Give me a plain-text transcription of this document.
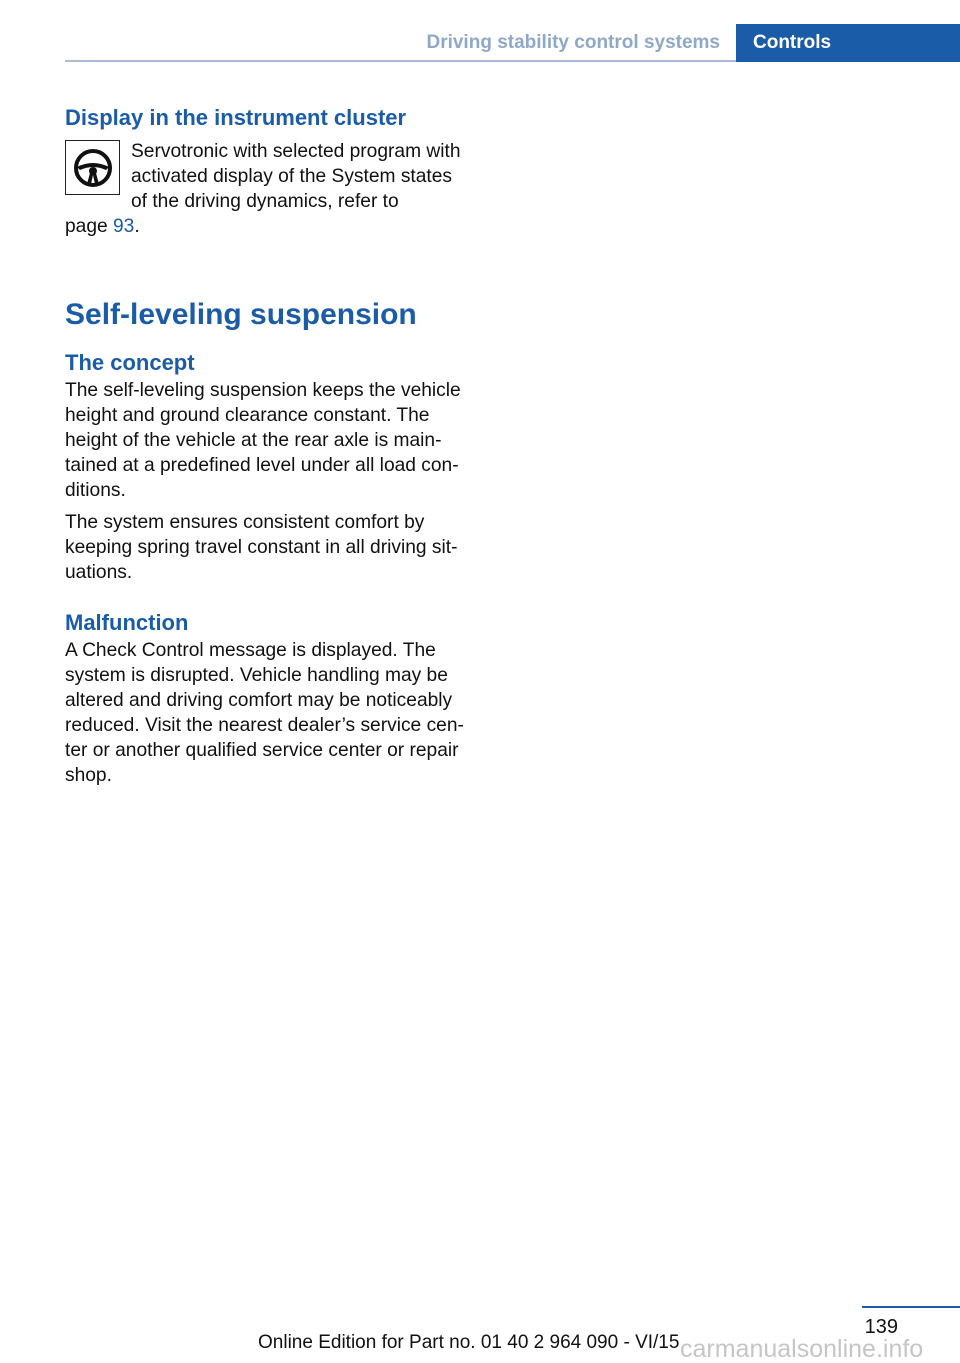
Driving stability control systems	Controls
Display in the instrument cluster

Servotronic with selected program with

activated display of the System states

of the driving dynamics, refer to

page 93.

Self-leveling suspension
The concept

The self-leveling suspension keeps the vehicle

height and ground clearance constant. The

height of the vehicle at the rear axle is main‐

tained at a predefined level under all load con‐

ditions.

The system ensures consistent comfort by

keeping spring travel constant in all driving sit‐

uations.

Malfunction

A Check Control message is displayed. The

system is disrupted. Vehicle handling may be

altered and driving comfort may be noticeably

reduced. Visit the nearest dealer’s service cen‐

ter or another qualified service center or repair

shop.

139
Online Edition for Part no. 01 40 2 964 090 - VI/15 carmanualsonline.info
